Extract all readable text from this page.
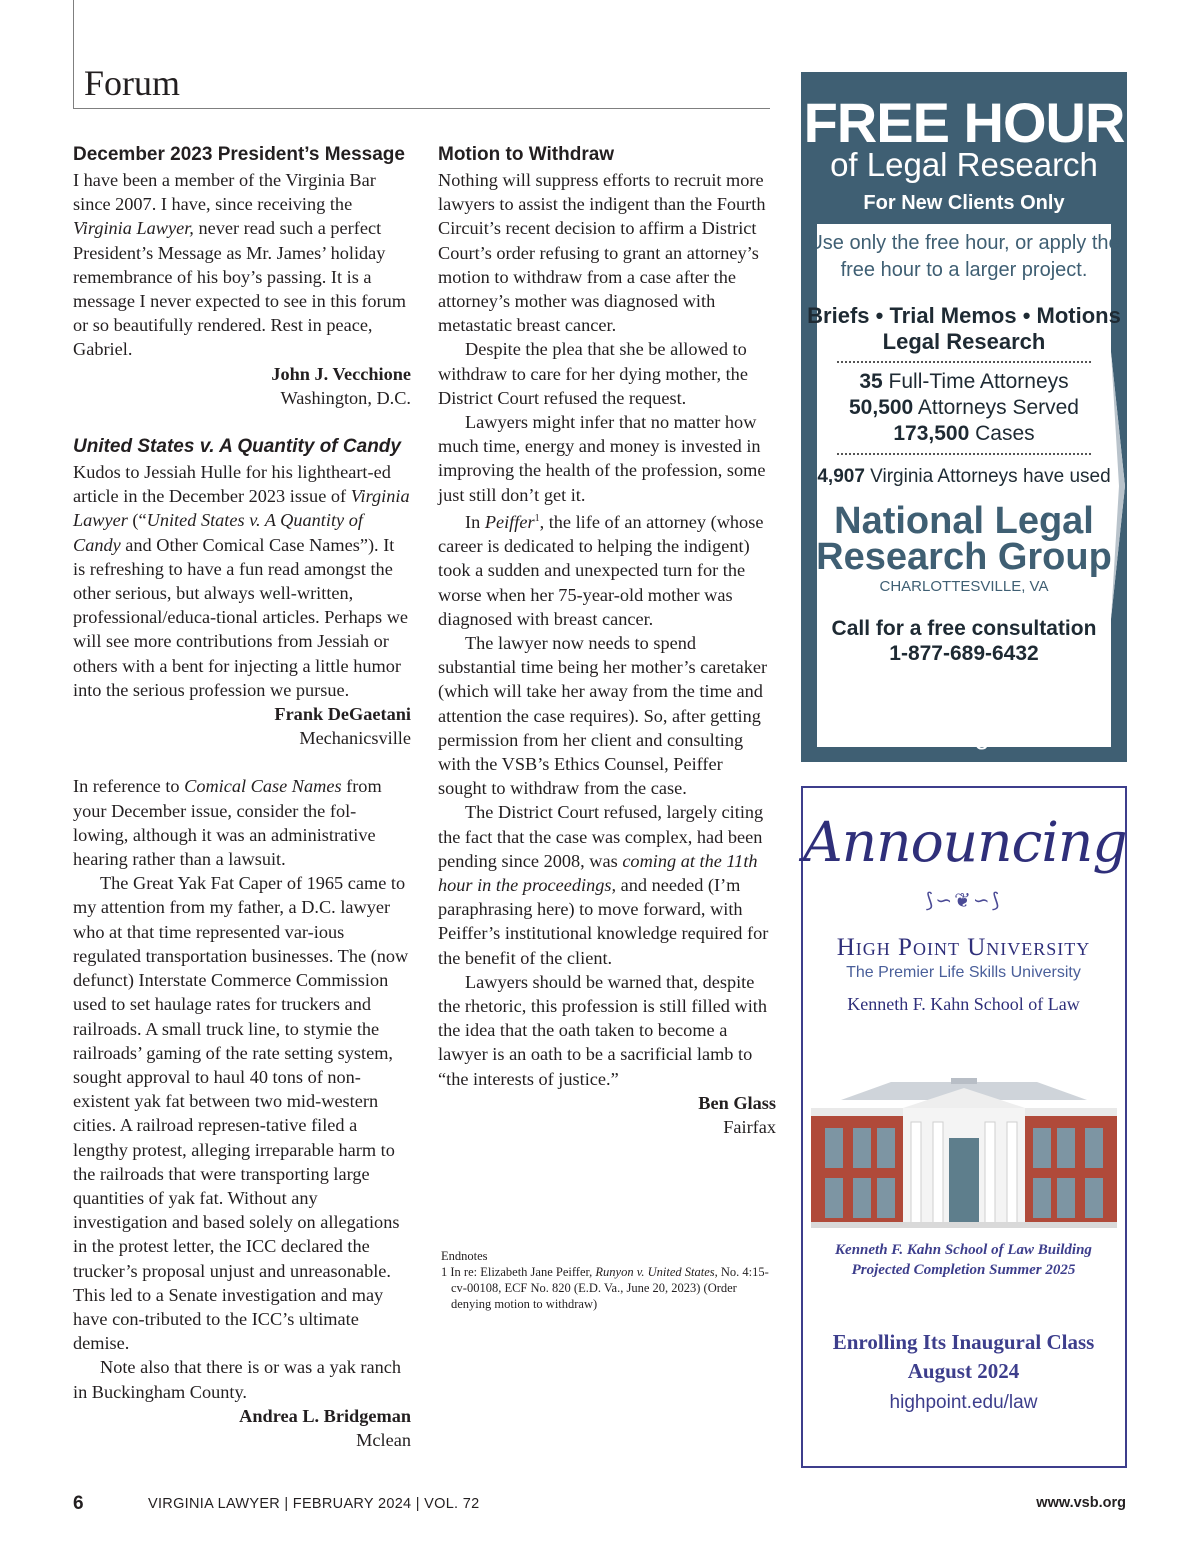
Forum
December 2023 President’s Message

I have been a member of the Virginia Bar since 2007. I have, since receiving the Virginia Lawyer, never read such a perfect President’s Message as Mr. James’ holiday remembrance of his boy’s passing. It is a message I never expected to see in this forum or so beautifully rendered. Rest in peace, Gabriel.

John J. Vecchione
Washington, D.C.
United States v. A Quantity of Candy

Kudos to Jessiah Hulle for his lightheart-ed article in the December 2023 issue of Virginia Lawyer (“United States v. A Quantity of Candy and Other Comical Case Names”). It is refreshing to have a fun read amongst the other serious, but always well-written, professional/educa-tional articles. Perhaps we will see more contributions from Jessiah or others with a bent for injecting a little humor into the serious profession we pursue.

Frank DeGaetani
Mechanicsville

In reference to Comical Case Names from your December issue, consider the fol-lowing, although it was an administrative hearing rather than a lawsuit.

The Great Yak Fat Caper of 1965 came to my attention from my father, a D.C. lawyer who at that time represented var-ious regulated transportation businesses. The (now defunct) Interstate Commerce Commission used to set haulage rates for truckers and railroads. A small truck line, to stymie the railroads’ gaming of the rate setting system, sought approval to haul 40 tons of non-existent yak fat between two mid-western cities. A railroad represen-tative filed a lengthy protest, alleging irreparable harm to the railroads that were transporting large quantities of yak fat. Without any investigation and based solely on allegations in the protest letter, the ICC declared the trucker’s proposal unjust and unreasonable. This led to a Senate investigation and may have con-tributed to the ICC’s ultimate demise.

Note also that there is or was a yak ranch in Buckingham County.

Andrea L. Bridgeman
Mclean
Motion to Withdraw

Nothing will suppress efforts to recruit more lawyers to assist the indigent than the Fourth Circuit’s recent decision to affirm a District Court’s order refusing to grant an attorney’s motion to withdraw from a case after the attorney’s mother was diagnosed with metastatic breast cancer.

Despite the plea that she be allowed to withdraw to care for her dying mother, the District Court refused the request.

Lawyers might infer that no matter how much time, energy and money is invested in improving the health of the profession, some just still don’t get it.

In Peiffer$^1$, the life of an attorney (whose career is dedicated to helping the indigent) took a sudden and unexpected turn for the worse when her 75-year-old mother was diagnosed with breast cancer.

The lawyer now needs to spend substantial time being her mother’s caretaker (which will take her away from the time and attention the case requires). So, after getting permission from her client and consulting with the VSB’s Ethics Counsel, Peiffer sought to withdraw from the case.

The District Court refused, largely citing the fact that the case was complex, had been pending since 2008, was coming at the 11th hour in the proceedings, and needed (I’m paraphrasing here) to move forward, with Peiffer’s institutional knowledge required for the benefit of the client.

Lawyers should be warned that, despite the rhetoric, this profession is still filled with the idea that the oath taken to become a lawyer is an oath to be a sacrificial lamb to “the interests of justice.”

Ben Glass
Fairfax
Endnotes
1 In re: Elizabeth Jane Peiffer, Runyon v. United States, No. 4:15-cv-00108, ECF No. 820 (E.D. Va., June 20, 2023) (Order denying motion to withdraw)
6	VIRGINIA LAWYER | FEBRUARY 2024 | VOL. 72	www.vsb.org
FREE HOUR
of Legal Research
For New Clients Only
Use only the free hour, or apply the
free hour to a larger project.
Briefs • Trial Memos • Motions
Legal Research
35 Full-Time Attorneys
50,500 Attorneys Served
173,500 Cases
4,907 Virginia Attorneys have used
National Legal
Research Group
CHARLOTTESVILLE, VA
Call for a free consultation
1-877-689-6432
Ad@nlrg.com
www.nlrg.com
Announcing
⟆∽❦∽⟆
High Point University
The Premier Life Skills University
Kenneth F. Kahn School of Law
Kenneth F. Kahn School of Law Building
Projected Completion Summer 2025
Enrolling Its Inaugural Class
August 2024
highpoint.edu/law
